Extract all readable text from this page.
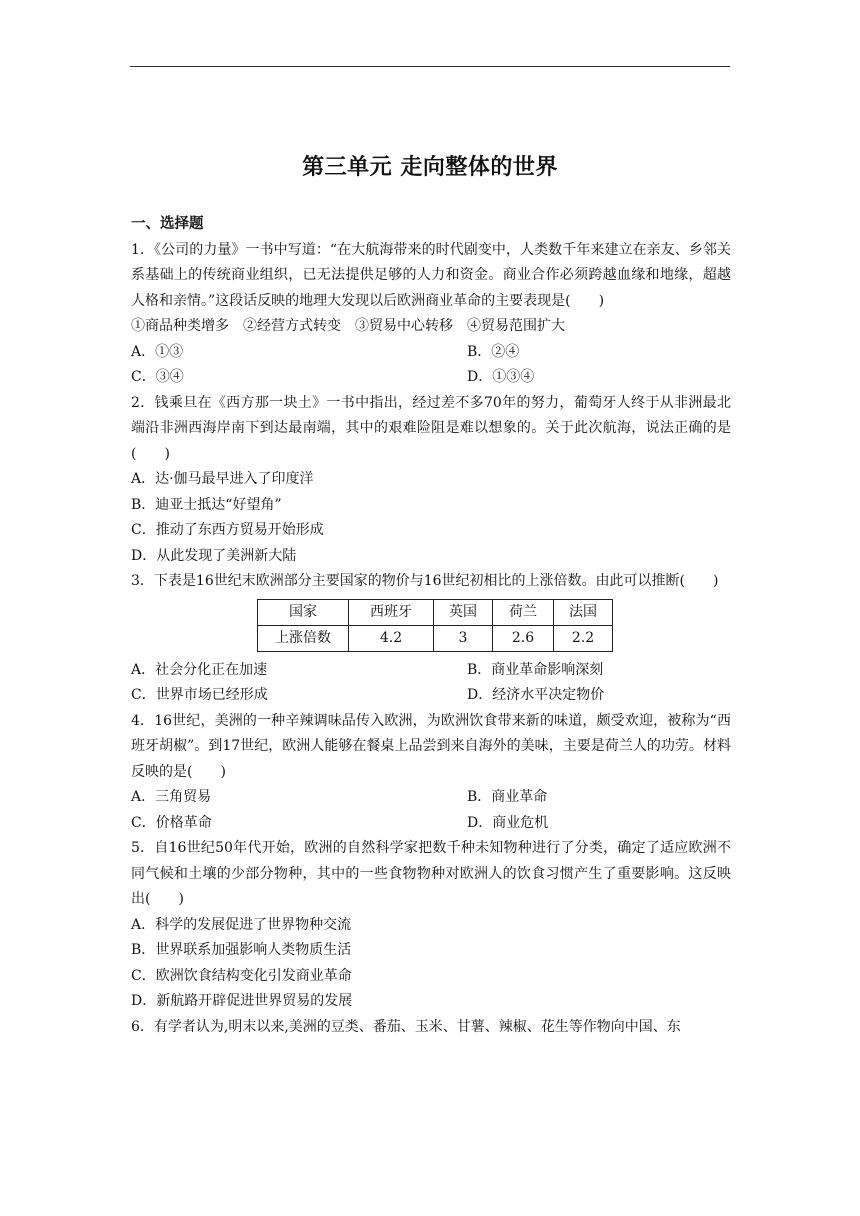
第三单元 走向整体的世界
一、选择题

1．《公司的力量》一书中写道：“在大航海带来的时代剧变中，人类数千年来建立在亲友、乡邻关系基础上的传统商业组织，已无法提供足够的人力和资金。商业合作必须跨越血缘和地缘，超越人格和亲情。”这段话反映的地理大发现以后欧洲商业革命的主要表现是(　　)

①商品种类增多　②经营方式转变　③贸易中心转移　④贸易范围扩大

A．①③	B．②④

C．③④	D．①③④

2．钱乘旦在《西方那一块土》一书中指出，经过差不多70年的努力，葡萄牙人终于从非洲最北端沿非洲西海岸南下到达最南端，其中的艰难险阻是难以想象的。关于此次航海，说法正确的是(　　)

A．达·伽马最早进入了印度洋

B．迪亚士抵达“好望角”

C．推动了东西方贸易开始形成

D．从此发现了美洲新大陆

3．下表是16世纪末欧洲部分主要国家的物价与16世纪初相比的上涨倍数。由此可以推断(　　)

国家	西班牙	英国	荷兰	法国
上涨倍数	4.2	3	2.6	2.2

A．社会分化正在加速	B．商业革命影响深刻

C．世界市场已经形成	D．经济水平决定物价

4．16世纪，美洲的一种辛辣调味品传入欧洲，为欧洲饮食带来新的味道，颇受欢迎，被称为“西班牙胡椒”。到17世纪，欧洲人能够在餐桌上品尝到来自海外的美味，主要是荷兰人的功劳。材料反映的是(　　)

A．三角贸易	B．商业革命

C．价格革命	D．商业危机

5．自16世纪50年代开始，欧洲的自然科学家把数千种未知物种进行了分类，确定了适应欧洲不同气候和土壤的少部分物种，其中的一些食物物种对欧洲人的饮食习惯产生了重要影响。这反映出(　　)

A．科学的发展促进了世界物种交流

B．世界联系加强影响人类物质生活

C．欧洲饮食结构变化引发商业革命

D．新航路开辟促进世界贸易的发展

6．有学者认为,明末以来,美洲的豆类、番茄、玉米、甘薯、辣椒、花生等作物向中国、东
